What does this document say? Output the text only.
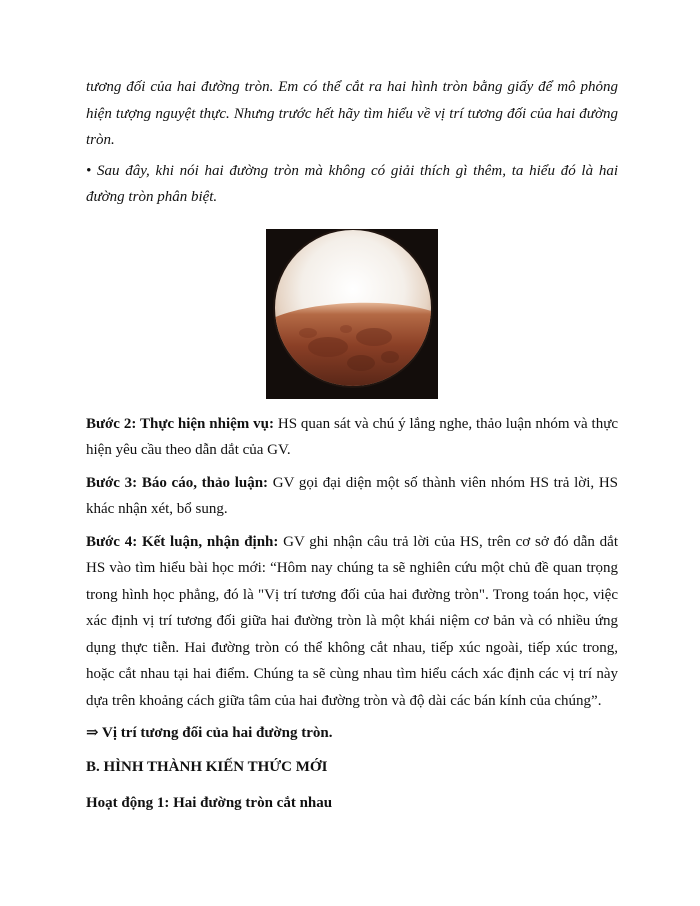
tương đối của hai đường tròn. Em có thể cắt ra hai hình tròn bằng giấy để mô phỏng hiện tượng nguyệt thực. Nhưng trước hết hãy tìm hiểu về vị trí tương đối của hai đường tròn.

• Sau đây, khi nói hai đường tròn mà không có giải thích gì thêm, ta hiểu đó là hai đường tròn phân biệt.

Bước 2: Thực hiện nhiệm vụ: HS quan sát và chú ý lắng nghe, thảo luận nhóm và thực hiện yêu cầu theo dẫn dắt của GV.

Bước 3: Báo cáo, thảo luận: GV gọi đại diện một số thành viên nhóm HS trả lời, HS khác nhận xét, bổ sung.

Bước 4: Kết luận, nhận định: GV ghi nhận câu trả lời của HS, trên cơ sở đó dẫn dắt HS vào tìm hiểu bài học mới: “Hôm nay chúng ta sẽ nghiên cứu một chủ đề quan trọng trong hình học phẳng, đó là "Vị trí tương đối của hai đường tròn". Trong toán học, việc xác định vị trí tương đối giữa hai đường tròn là một khái niệm cơ bản và có nhiều ứng dụng thực tiễn. Hai đường tròn có thể không cắt nhau, tiếp xúc ngoài, tiếp xúc trong, hoặc cắt nhau tại hai điểm. Chúng ta sẽ cùng nhau tìm hiểu cách xác định các vị trí này dựa trên khoảng cách giữa tâm của hai đường tròn và độ dài các bán kính của chúng”.

⇒ Vị trí tương đối của hai đường tròn.

B. HÌNH THÀNH KIẾN THỨC MỚI

Hoạt động 1: Hai đường tròn cắt nhau
